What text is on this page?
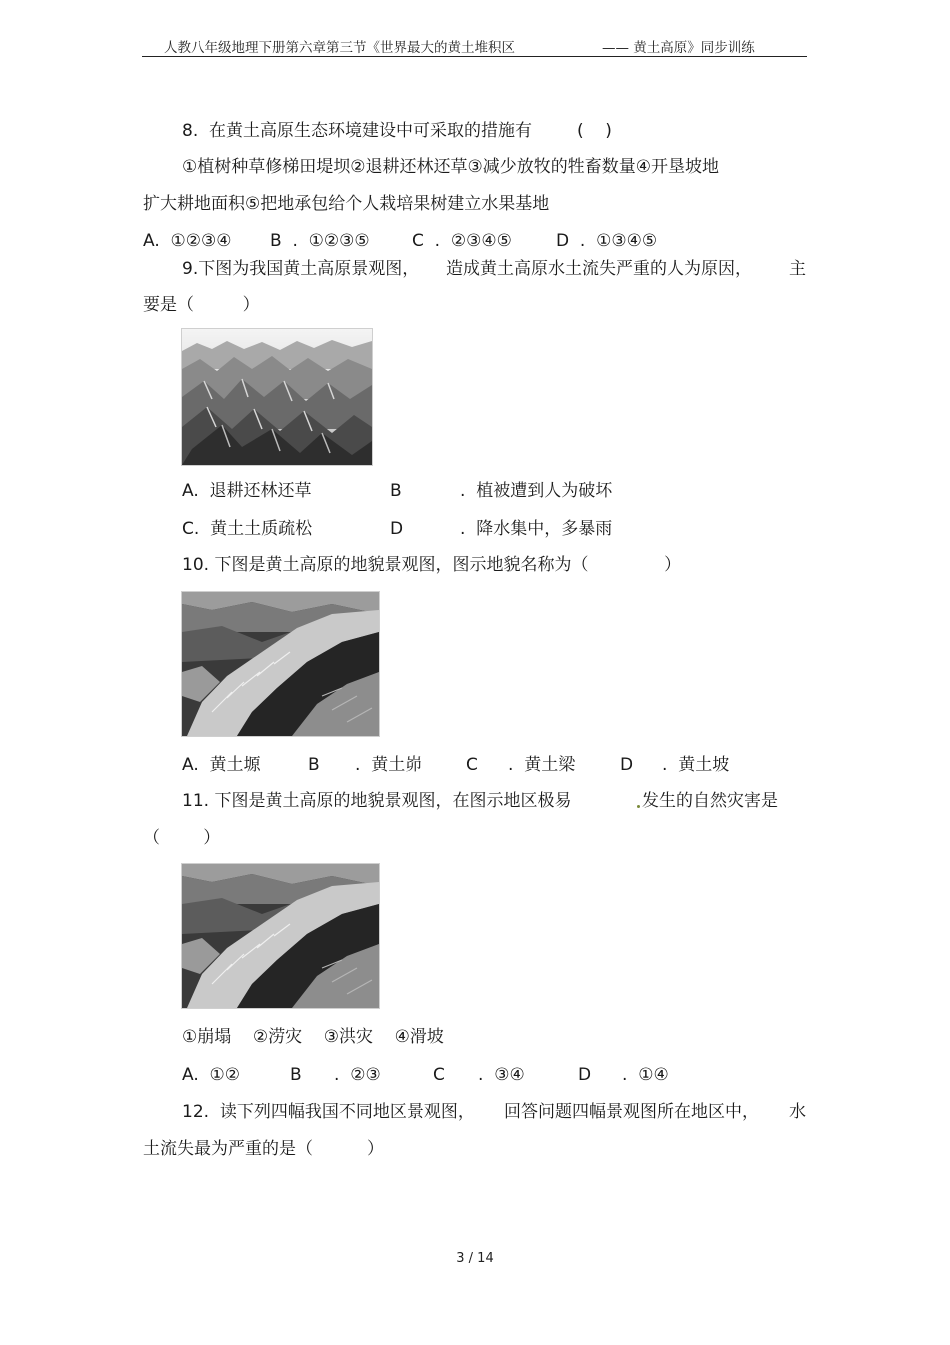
人教八年级地理下册第六章第三节《世界最大的黄土堆积区	—— 黄土高原》同步训练
8.  在黄土高原生态环境建设中可采取的措施有	(    )
①植树种草修梯田堤坝②退耕还林还草③减少放牧的牲畜数量④开垦坡地
扩大耕地面积⑤把地承包给个人栽培果树建立水果基地
A.  ①②③④ B  .  ①②③⑤ C  .  ②③④⑤	D  .  ①③④⑤
9.下图为我国黄土高原景观图， 造成黄土高原水土流失严重的人为原因， 主
要是（         ）
A.  退耕还林还草	B	.  植被遭到人为破坏
C.  黄土土质疏松	D	.  降水集中，多暴雨
10. 下图是黄土高原的地貌景观图，图示地貌名称为（              ）
A.  黄土塬	B .  黄土峁	C .  黄土梁	D .  黄土坡
11. 下图是黄土高原的地貌景观图，在图示地区极易	发生的自然灾害是
（        ）
①崩塌    ②涝灾    ③洪灾    ④滑坡
A.  ①②	B .  ②③	C .  ③④	D .  ①④
12.  读下列四幅我国不同地区景观图， 回答问题四幅景观图所在地区中， 水
土流失最为严重的是（          ）
3 / 14
